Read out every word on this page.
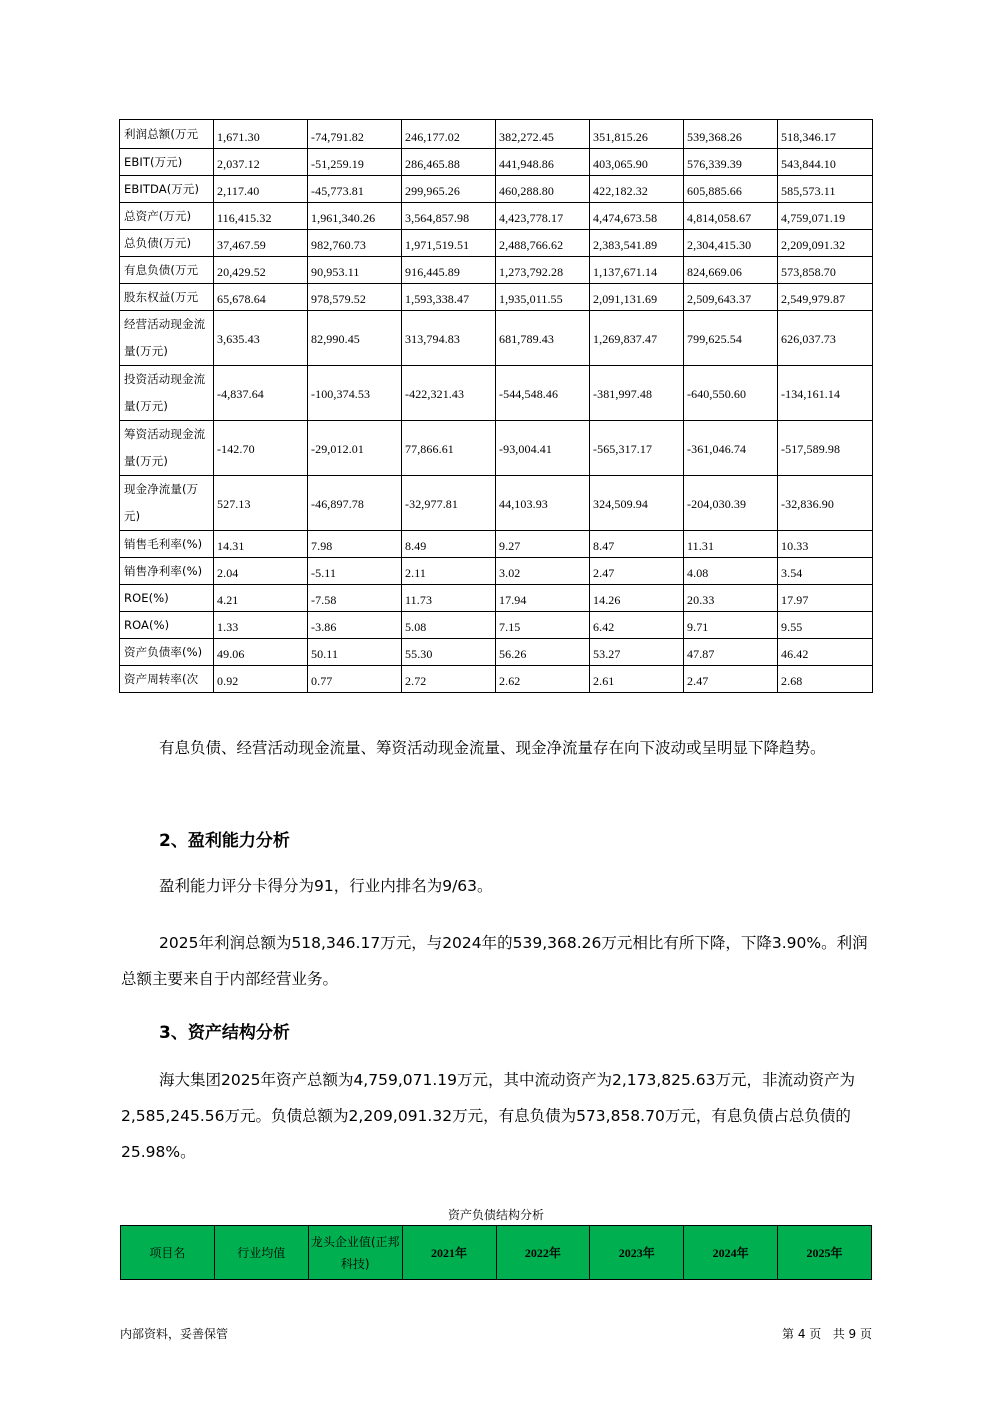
利润总额(万元	1,671.30	-74,791.82	246,177.02	382,272.45	351,815.26	539,368.26	518,346.17
EBIT(万元)	2,037.12	-51,259.19	286,465.88	441,948.86	403,065.90	576,339.39	543,844.10
EBITDA(万元)	2,117.40	-45,773.81	299,965.26	460,288.80	422,182.32	605,885.66	585,573.11
总资产(万元)	116,415.32	1,961,340.26	3,564,857.98	4,423,778.17	4,474,673.58	4,814,058.67	4,759,071.19
总负债(万元)	37,467.59	982,760.73	1,971,519.51	2,488,766.62	2,383,541.89	2,304,415.30	2,209,091.32
有息负债(万元	20,429.52	90,953.11	916,445.89	1,273,792.28	1,137,671.14	824,669.06	573,858.70
股东权益(万元	65,678.64	978,579.52	1,593,338.47	1,935,011.55	2,091,131.69	2,509,643.37	2,549,979.87
经营活动现金流量(万元)	3,635.43	82,990.45	313,794.83	681,789.43	1,269,837.47	799,625.54	626,037.73
投资活动现金流量(万元)	-4,837.64	-100,374.53	-422,321.43	-544,548.46	-381,997.48	-640,550.60	-134,161.14
筹资活动现金流量(万元)	-142.70	-29,012.01	77,866.61	-93,004.41	-565,317.17	-361,046.74	-517,589.98
现金净流量(万元)	527.13	-46,897.78	-32,977.81	44,103.93	324,509.94	-204,030.39	-32,836.90
销售毛利率(%)	14.31	7.98	8.49	9.27	8.47	11.31	10.33
销售净利率(%)	2.04	-5.11	2.11	3.02	2.47	4.08	3.54
ROE(%)	4.21	-7.58	11.73	17.94	14.26	20.33	17.97
ROA(%)	1.33	-3.86	5.08	7.15	6.42	9.71	9.55
资产负债率(%)	49.06	50.11	55.30	56.26	53.27	47.87	46.42
资产周转率(次	0.92	0.77	2.72	2.62	2.61	2.47	2.68

有息负债、经营活动现金流量、筹资活动现金流量、现金净流量存在向下波动或呈明显下降趋势。

2、盈利能力分析

盈利能力评分卡得分为91，行业内排名为9/63。

2025年利润总额为518,346.17万元，与2024年的539,368.26万元相比有所下降，下降3.90%。利润总额主要来自于内部经营业务。

3、资产结构分析

海大集团2025年资产总额为4,759,071.19万元，其中流动资产为2,173,825.63万元，非流动资产为2,585,245.56万元。负债总额为2,209,091.32万元，有息负债为573,858.70万元，有息负债占总负债的25.98%。

资产负债结构分析
项目名	行业均值	龙头企业值(正邦科技)	2021年	2022年	2023年	2024年	2025年
内部资料，妥善保管	第 4 页   共 9 页
